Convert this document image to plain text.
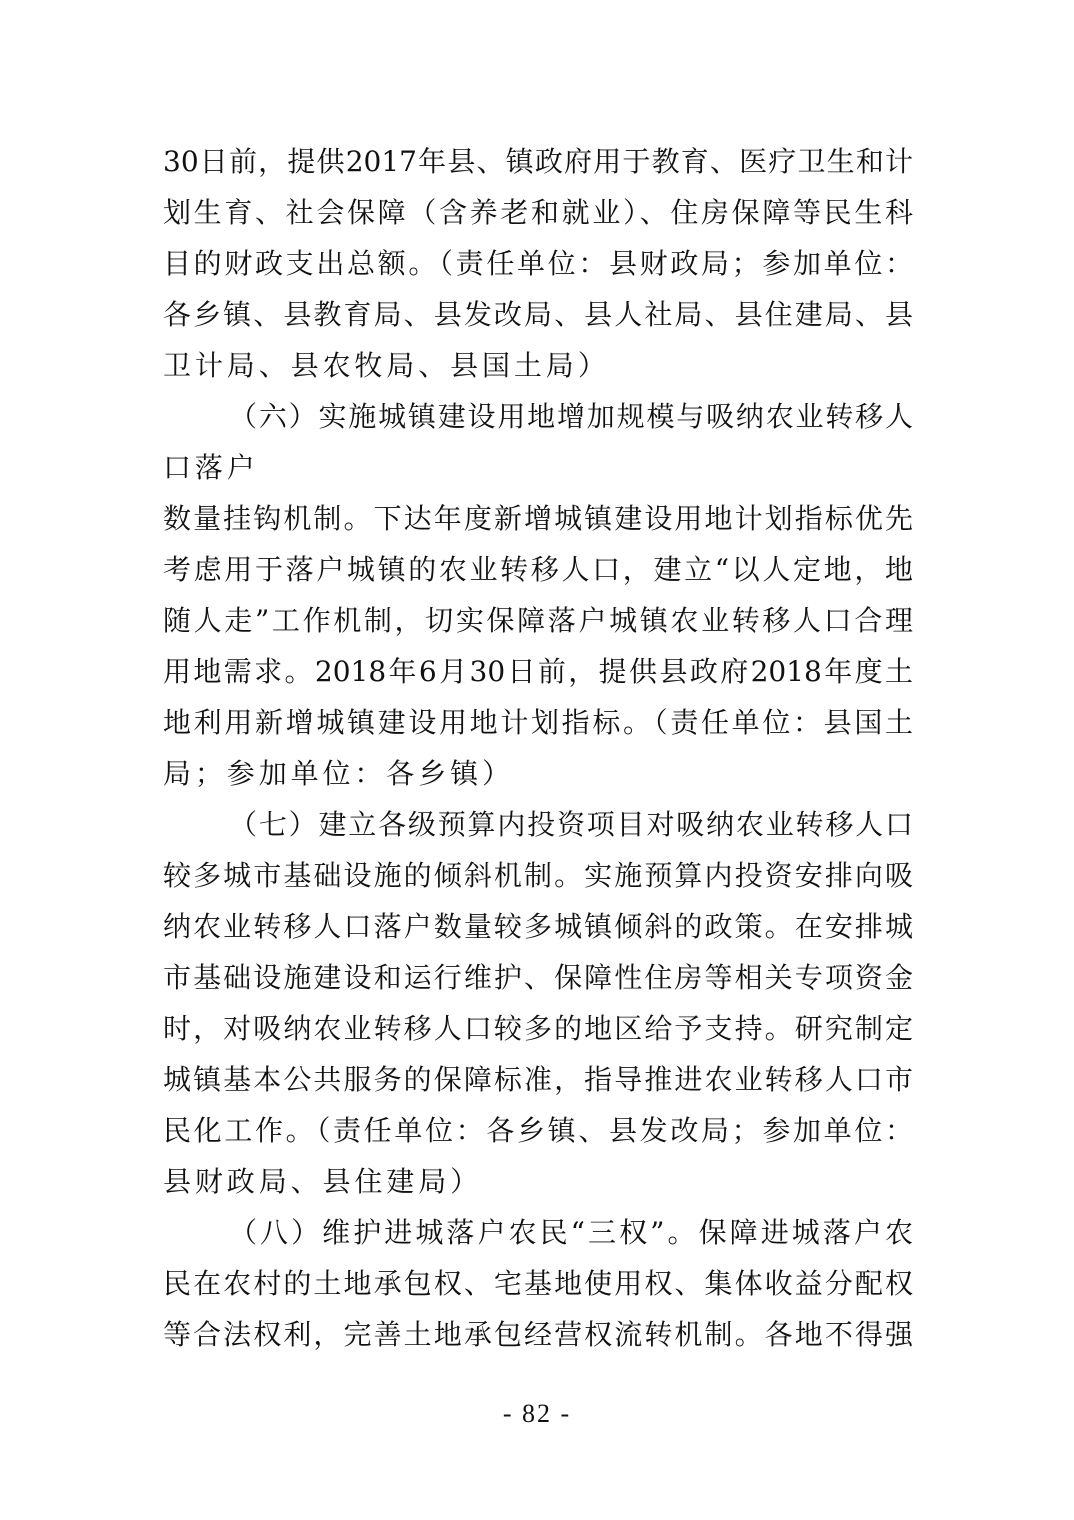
30日前，提供2017年县、镇政府用于教育、医疗卫生和计
划生育、社会保障（含养老和就业）、住房保障等民生科
目的财政支出总额。（责任单位：县财政局；参加单位：
各乡镇、县教育局、县发改局、县人社局、县住建局、县
卫计局、县农牧局、县国土局）
（六）实施城镇建设用地增加规模与吸纳农业转移人
口落户
数量挂钩机制。下达年度新增城镇建设用地计划指标优先
考虑用于落户城镇的农业转移人口，建立“以人定地，地
随人走”工作机制，切实保障落户城镇农业转移人口合理
用地需求。2018年6月30日前，提供县政府2018年度土
地利用新增城镇建设用地计划指标。（责任单位：县国土
局；参加单位：各乡镇）
（七）建立各级预算内投资项目对吸纳农业转移人口
较多城市基础设施的倾斜机制。实施预算内投资安排向吸
纳农业转移人口落户数量较多城镇倾斜的政策。在安排城
市基础设施建设和运行维护、保障性住房等相关专项资金
时，对吸纳农业转移人口较多的地区给予支持。研究制定
城镇基本公共服务的保障标准，指导推进农业转移人口市
民化工作。（责任单位：各乡镇、县发改局；参加单位：
县财政局、县住建局）
（八）维护进城落户农民“三权”。保障进城落户农
民在农村的土地承包权、宅基地使用权、集体收益分配权
等合法权利，完善土地承包经营权流转机制。各地不得强
- 82 -
